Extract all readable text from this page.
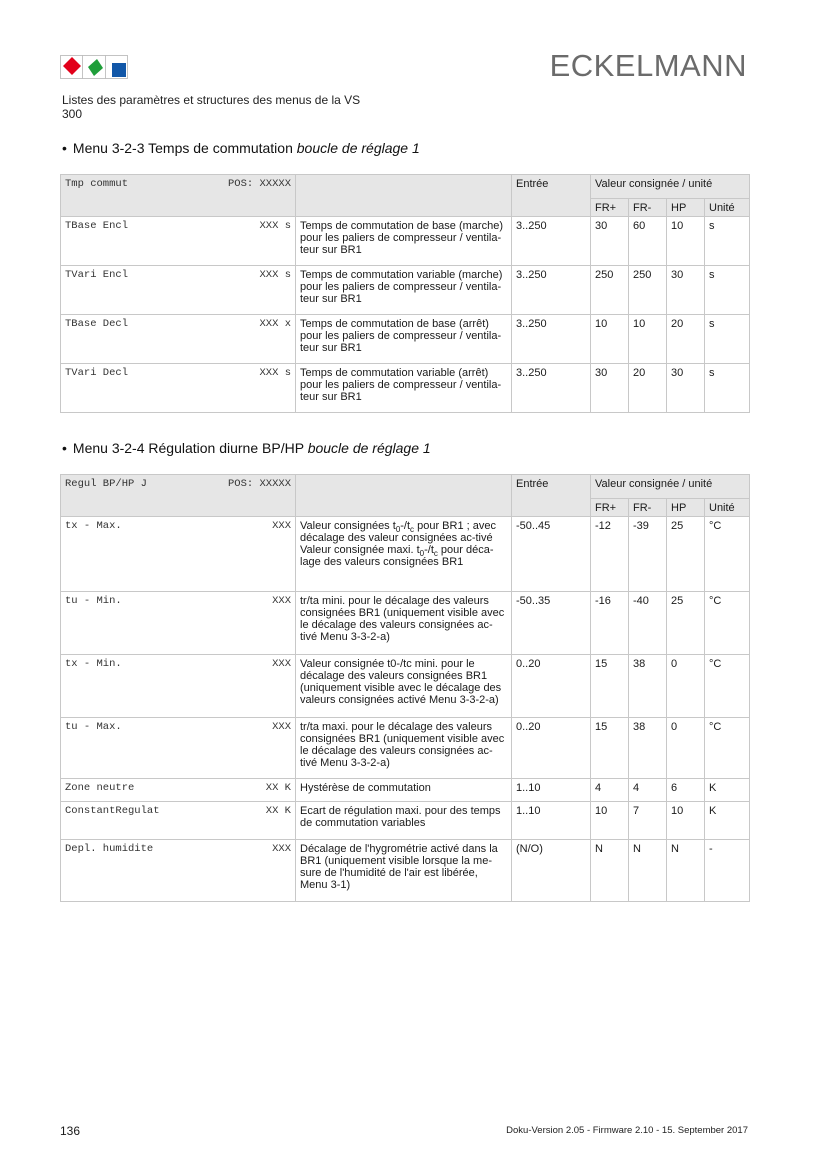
ECKELMANN
Listes des paramètres et structures des menus de la VS 300
• Menu 3-2-3 Temps de commutation boucle de réglage 1
Tmp commut POS: XXXXX		Entrée	Valeur consignée / unité			
			FR+	FR-	HP	Unité

TBase Encl XXX s	Temps de commutation de base (marche) pour les paliers de compresseur / ventila-teur sur BR1	3..250	30	60	10	s

TVari Encl XXX s	Temps de commutation variable (marche) pour les paliers de compresseur / ventila-teur sur BR1	3..250	250	250	30	s

TBase Decl XXX x	Temps de commutation de base (arrêt) pour les paliers de compresseur / ventila-teur sur BR1	3..250	10	10	20	s

TVari Decl XXX s	Temps de commutation variable (arrêt) pour les paliers de compresseur / ventila-teur sur BR1	3..250	30	20	30	s
• Menu 3-2-4 Régulation diurne BP/HP boucle de réglage 1
Regul BP/HP J POS: XXXXX		Entrée	Valeur consignée / unité			
			FR+	FR-	HP	Unité

tx - Max. XXX	Valeur consignées $t_0-/t_c$ pour BR1 ; avec décalage des valeur consignées ac-tivé
Valeur consignée maxi. $t_0-/t_c$ pour déca-lage des valeurs consignées BR1	-50..45	-12	-39	25	°C

tu - Min. XXX	tr/ta mini. pour le décalage des valeurs consignées BR1 (uniquement visible avec le décalage des valeurs consignées ac-tivé Menu 3-3-2-a)	-50..35	-16	-40	25	°C

tx - Min. XXX	Valeur consignée t0-/tc mini. pour le décalage des valeurs consignées BR1 (uniquement visible avec le décalage des valeurs consignées activé Menu 3-3-2-a)	0..20	15	38	0	°C

tu - Max. XXX	tr/ta maxi. pour le décalage des valeurs consignées BR1 (uniquement visible avec le décalage des valeurs consignées ac-tivé Menu 3-3-2-a)	0..20	15	38	0	°C

Zone neutre XX K	Hystérèse de commutation	1..10	4	4	6	K

ConstantRegulat XX K	Ecart de régulation maxi. pour des temps de commutation variables	1..10	10	7	10	K

Depl. humidite XXX	Décalage de l'hygrométrie activé dans la BR1 (uniquement visible lorsque la me-sure de l'humidité de l'air est libérée, Menu 3-1)	(N/O)	N	N	N	-
136	Doku-Version 2.05 - Firmware 2.10 - 15. September 2017
